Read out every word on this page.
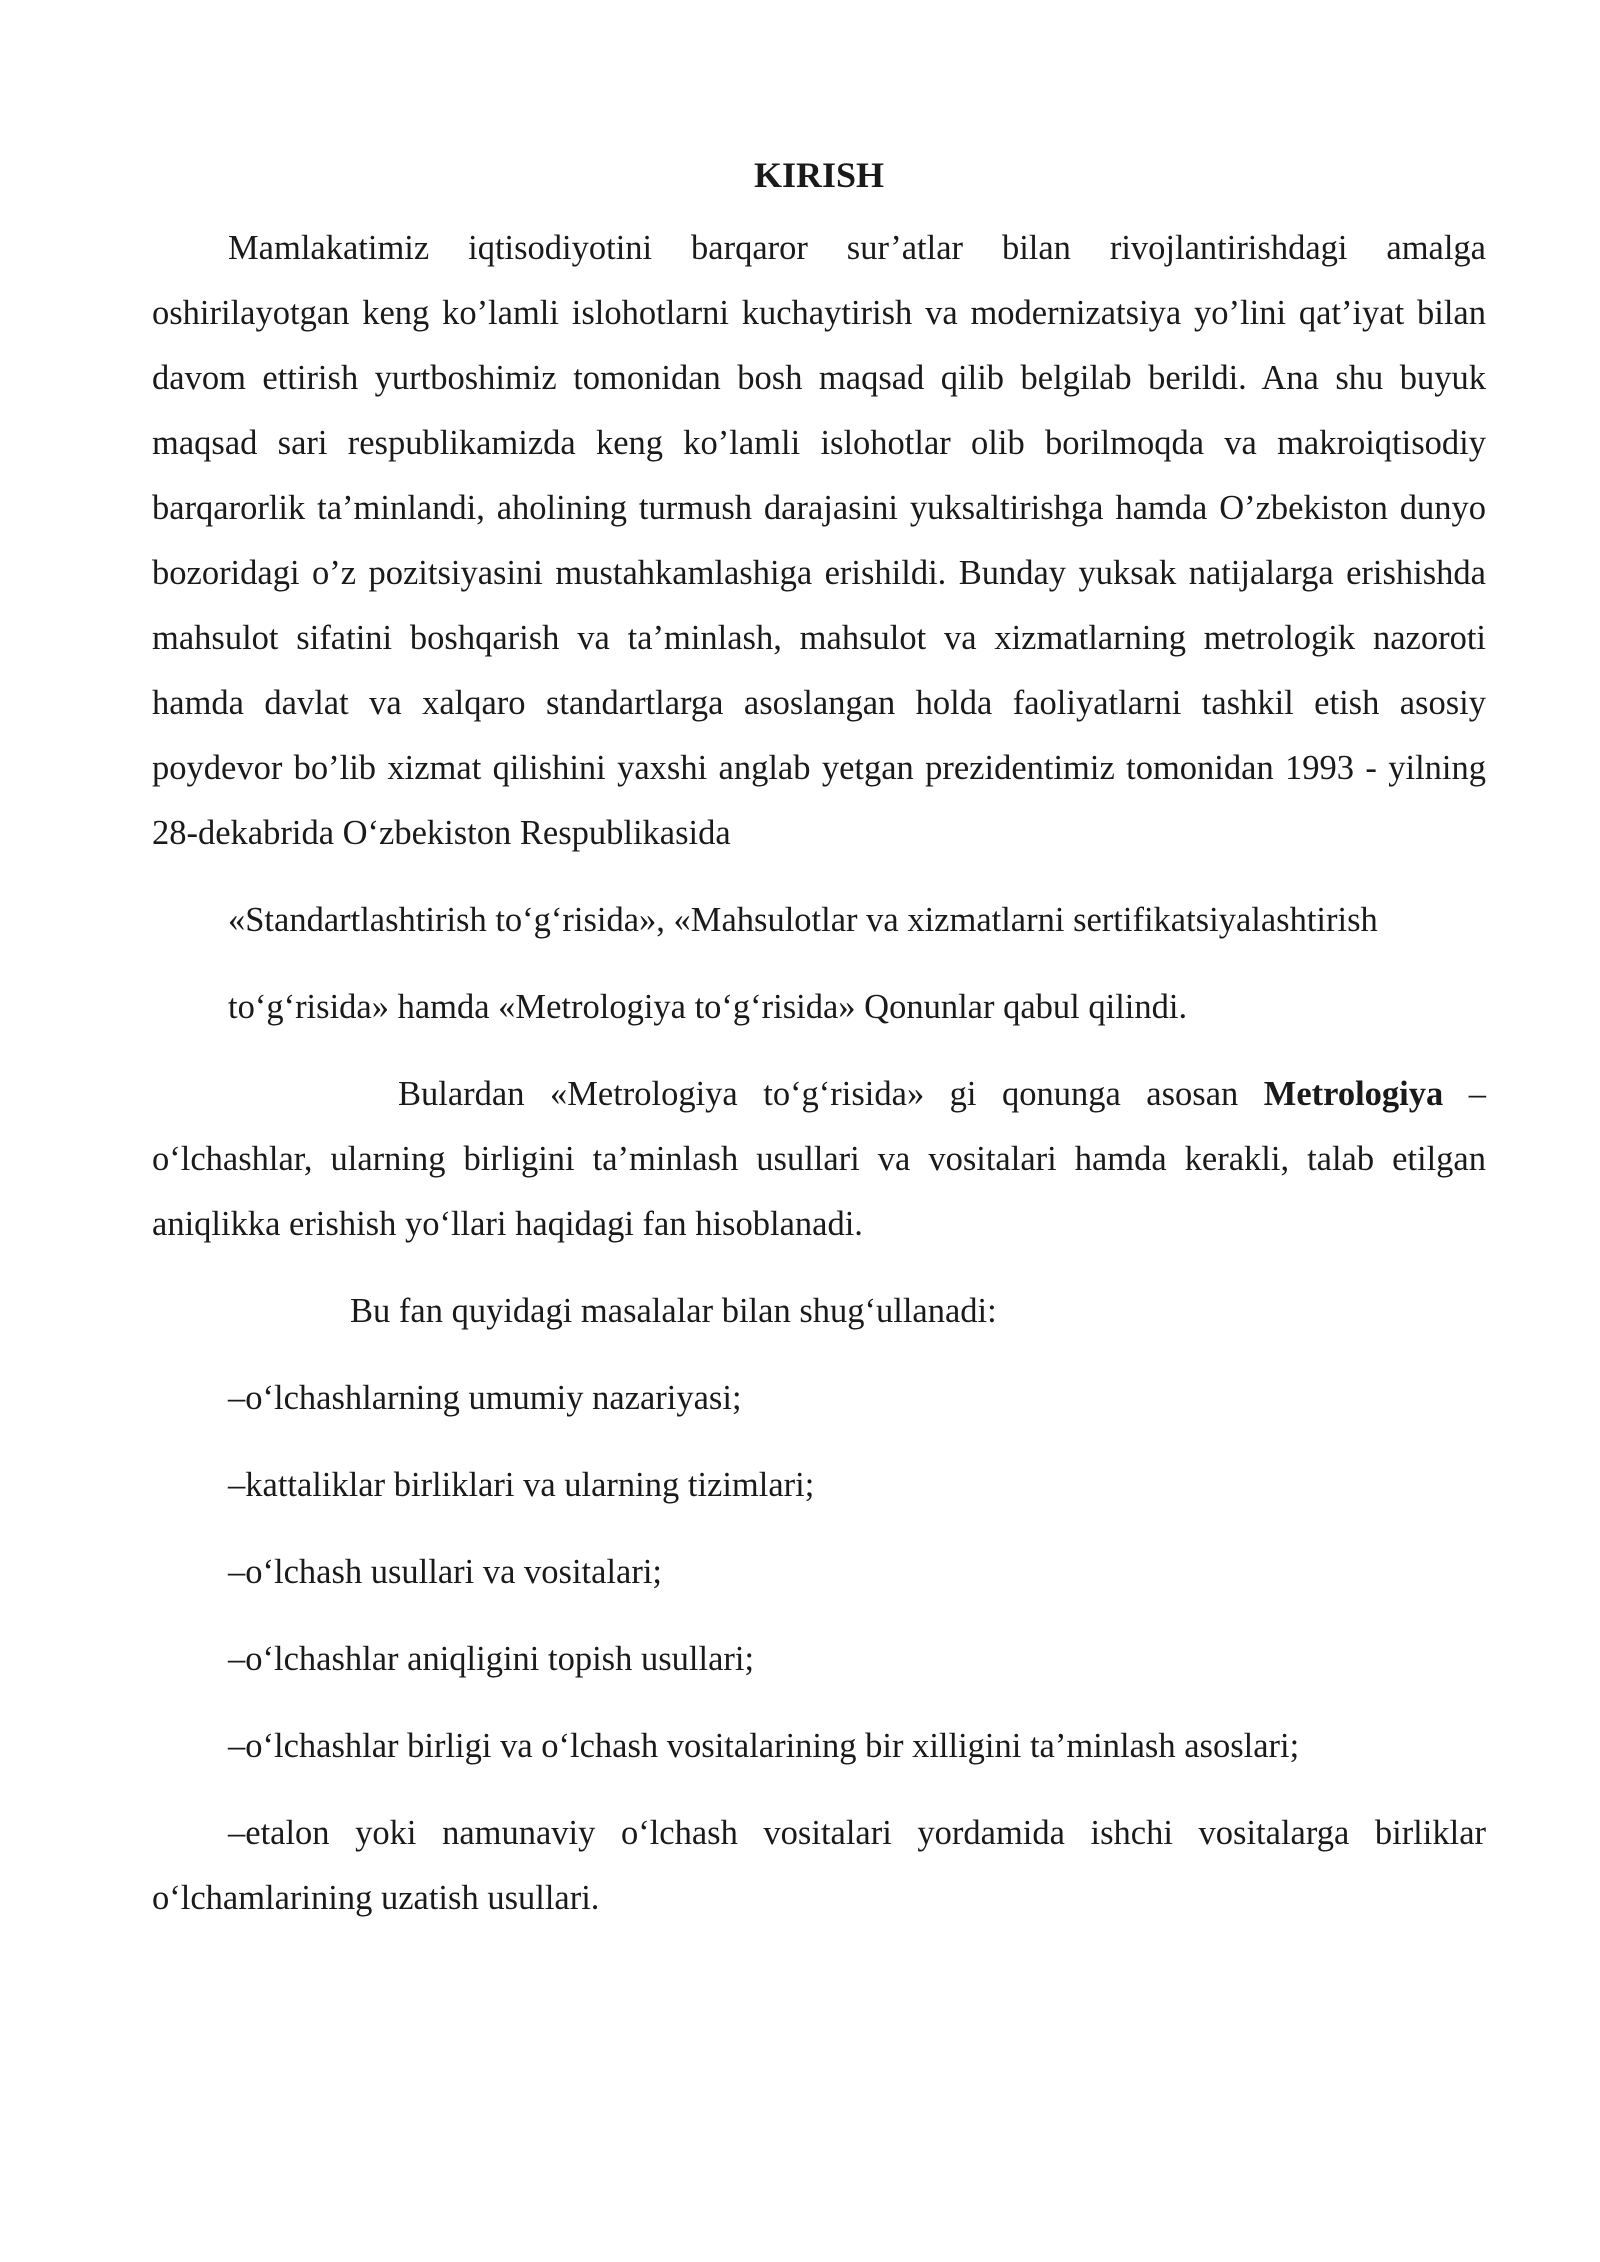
KIRISH

Mamlakatimiz iqtisodiyotini barqaror sur’atlar bilan rivojlantirishdagi amalga oshirilayotgan keng ko’lamli islohotlarni kuchaytirish va modernizatsiya yo’lini qat’iyat bilan davom ettirish yurtboshimiz tomonidan bosh maqsad qilib belgilab berildi. Ana shu buyuk maqsad sari respublikamizda keng ko’lamli islohotlar olib borilmoqda va makroiqtisodiy barqarorlik ta’minlandi, aholining turmush darajasini yuksaltirishga hamda O’zbekiston dunyo bozoridagi o’z pozitsiyasini mustahkamlashiga erishildi. Bunday yuksak natijalarga erishishda mahsulot sifatini boshqarish va ta’minlash, mahsulot va xizmatlarning metrologik nazoroti hamda davlat va xalqaro standartlarga asoslangan holda faoliyatlarni tashkil etish asosiy poydevor bo’lib xizmat qilishini yaxshi anglab yetgan prezidentimiz tomonidan 1993 - yilning 28-dekabrida O‘zbekiston Respublikasida

«Standartlashtirish to‘g‘risida», «Mahsulotlar va xizmatlarni sertifikatsiyalashtirish

to‘g‘risida» hamda «Metrologiya to‘g‘risida» Qonunlar qabul qilindi.

Bulardan «Metrologiya to‘g‘risida» gi qonunga asosan Metrologiya – o‘lchashlar, ularning birligini ta’minlash usullari va vositalari hamda kerakli, talab etilgan aniqlikka erishish yo‘llari haqidagi fan hisoblanadi.

Bu fan quyidagi masalalar bilan shug‘ullanadi:

–o‘lchashlarning umumiy nazariyasi;
–kattaliklar birliklari va ularning tizimlari;
–o‘lchash usullari va vositalari;
–o‘lchashlar aniqligini topish usullari;
–o‘lchashlar birligi va o‘lchash vositalarining bir xilligini ta’minlash asoslari;
–etalon yoki namunaviy o‘lchash vositalari yordamida ishchi vositalarga birliklar o‘lchamlarining uzatish usullari.
